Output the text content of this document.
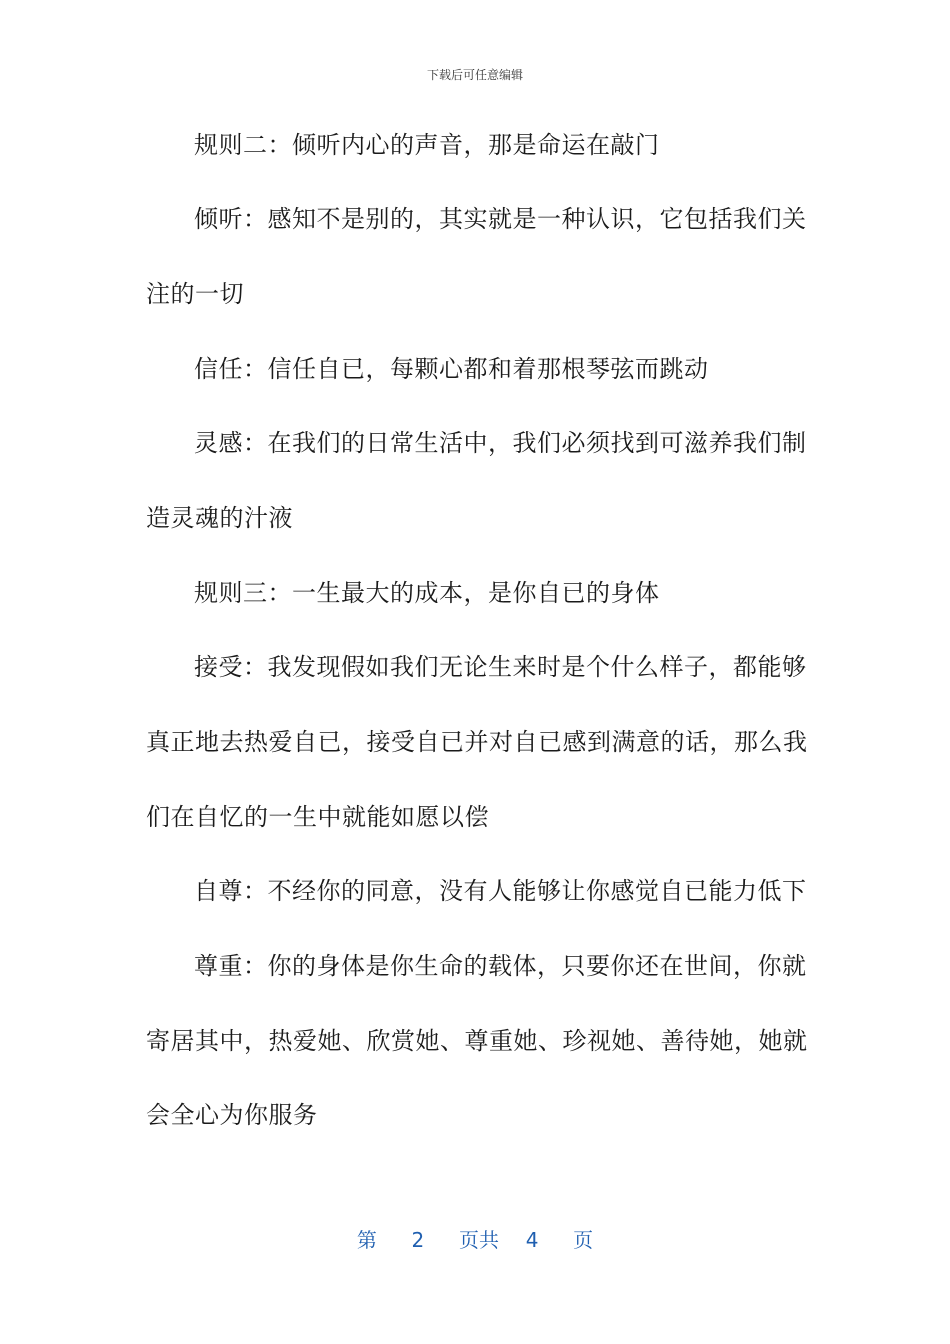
下载后可任意编辑
规则二：倾听内心的声音，那是命运在敲门
倾听：感知不是别的，其实就是一种认识，它包括我们关
注的一切
信任：信任自已，每颗心都和着那根琴弦而跳动
灵感：在我们的日常生活中，我们必须找到可滋养我们制
造灵魂的汁液
规则三：一生最大的成本，是你自已的身体
接受：我发现假如我们无论生来时是个什么样子，都能够
真正地去热爱自已，接受自已并对自已感到满意的话，那么我
们在自忆的一生中就能如愿以偿
自尊：不经你的同意，没有人能够让你感觉自已能力低下
尊重：你的身体是你生命的载体，只要你还在世间，你就
寄居其中，热爱她、欣赏她、尊重她、珍视她、善待她，她就
会全心为你服务
第 2 页共 4 页
